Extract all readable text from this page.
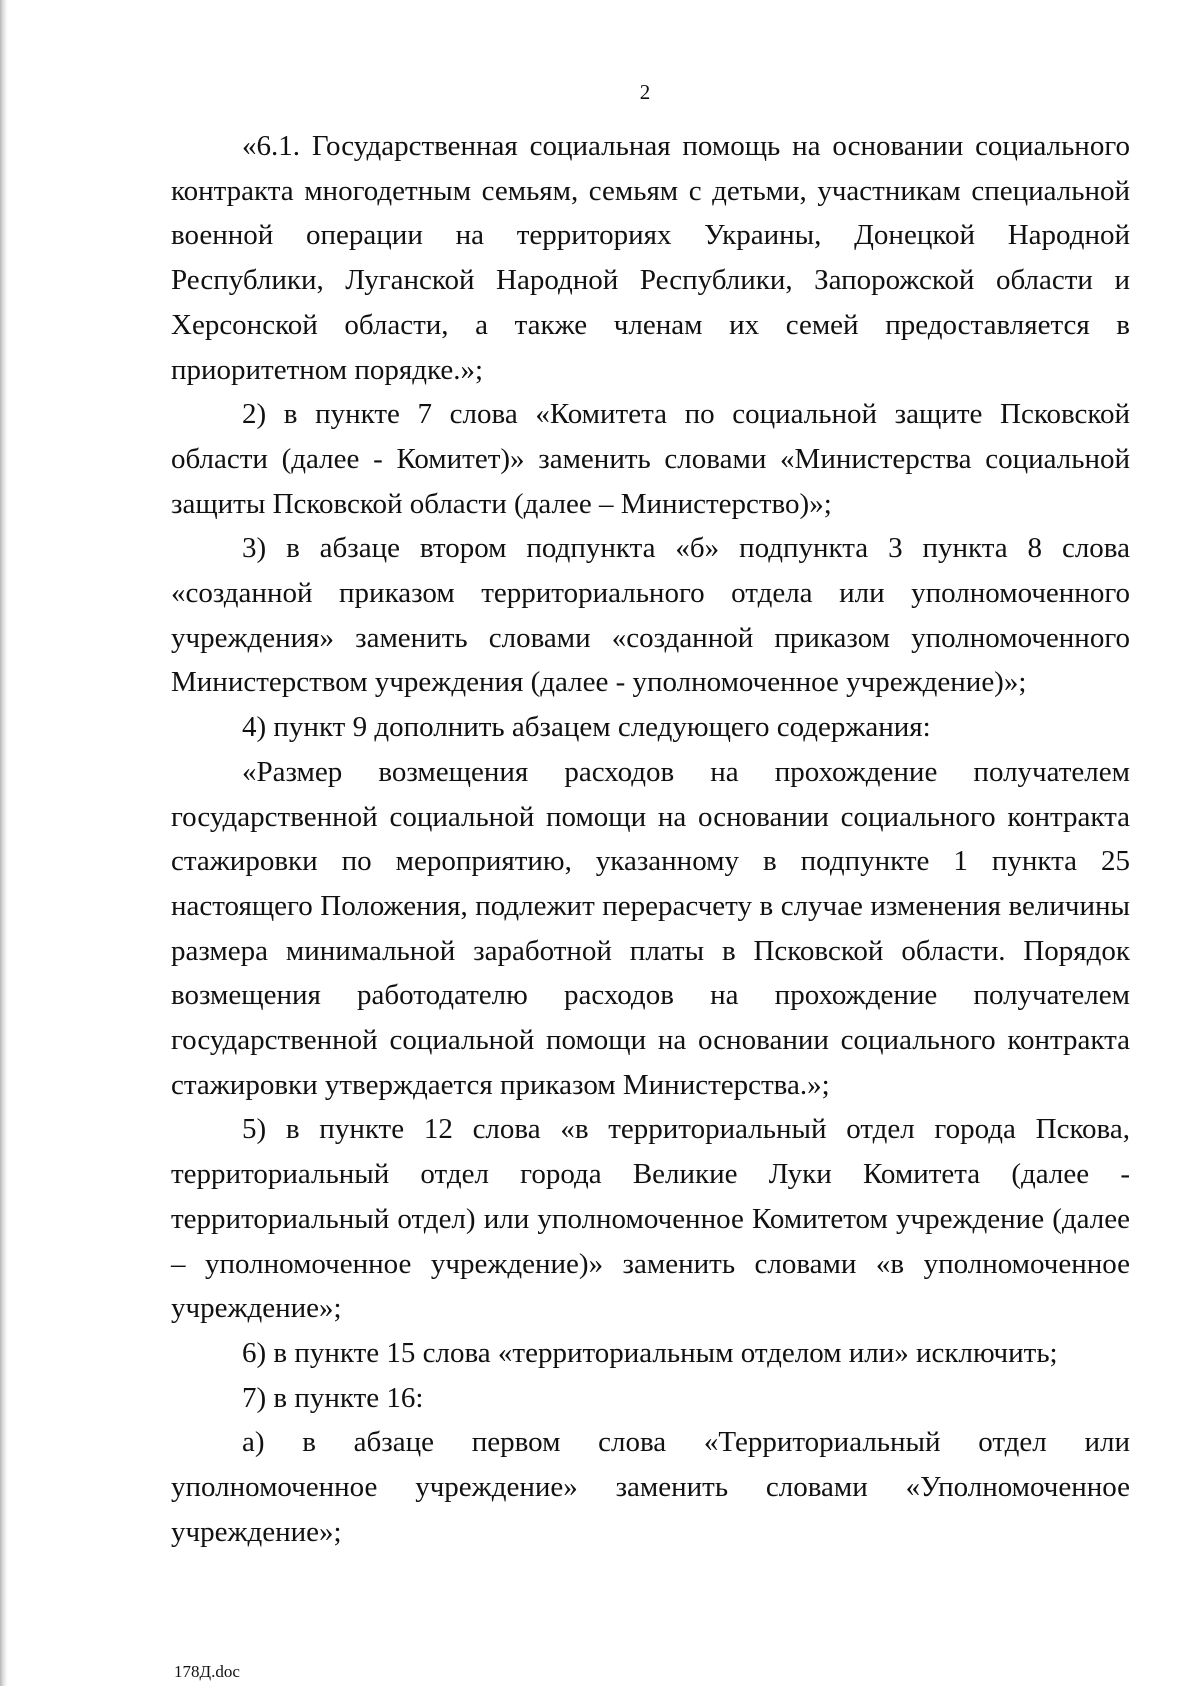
2

«6.1. Государственная социальная помощь на основании социального контракта многодетным семьям, семьям с детьми, участникам специальной военной операции на территориях Украины, Донецкой Народной Республики, Луганской Народной Республики, Запорожской области и Херсонской области, а также членам их семей предоставляется в приоритетном порядке.»;

2) в пункте 7 слова «Комитета по социальной защите Псковской области (далее - Комитет)» заменить словами «Министерства социальной защиты Псковской области (далее – Министерство)»;

3) в абзаце втором подпункта «б» подпункта 3 пункта 8 слова «созданной приказом территориального отдела или уполномоченного учреждения» заменить словами «созданной приказом уполномоченного Министерством учреждения (далее - уполномоченное учреждение)»;

4) пункт 9 дополнить абзацем следующего содержания:

«Размер возмещения расходов на прохождение получателем государственной социальной помощи на основании социального контракта стажировки по мероприятию, указанному в подпункте 1 пункта 25 настоящего Положения, подлежит перерасчету в случае изменения величины размера минимальной заработной платы в Псковской области. Порядок возмещения работодателю расходов на прохождение получателем государственной социальной помощи на основании социального контракта стажировки утверждается приказом Министерства.»;

5) в пункте 12 слова «в территориальный отдел города Пскова, территориальный отдел города Великие Луки Комитета (далее - территориальный отдел) или уполномоченное Комитетом учреждение (далее – уполномоченное учреждение)» заменить словами «в уполномоченное учреждение»;

6) в пункте 15 слова «территориальным отделом или» исключить;

7) в пункте 16:

а) в абзаце первом слова «Территориальный отдел или уполномоченное учреждение» заменить словами «Уполномоченное учреждение»;

178Д.doc
